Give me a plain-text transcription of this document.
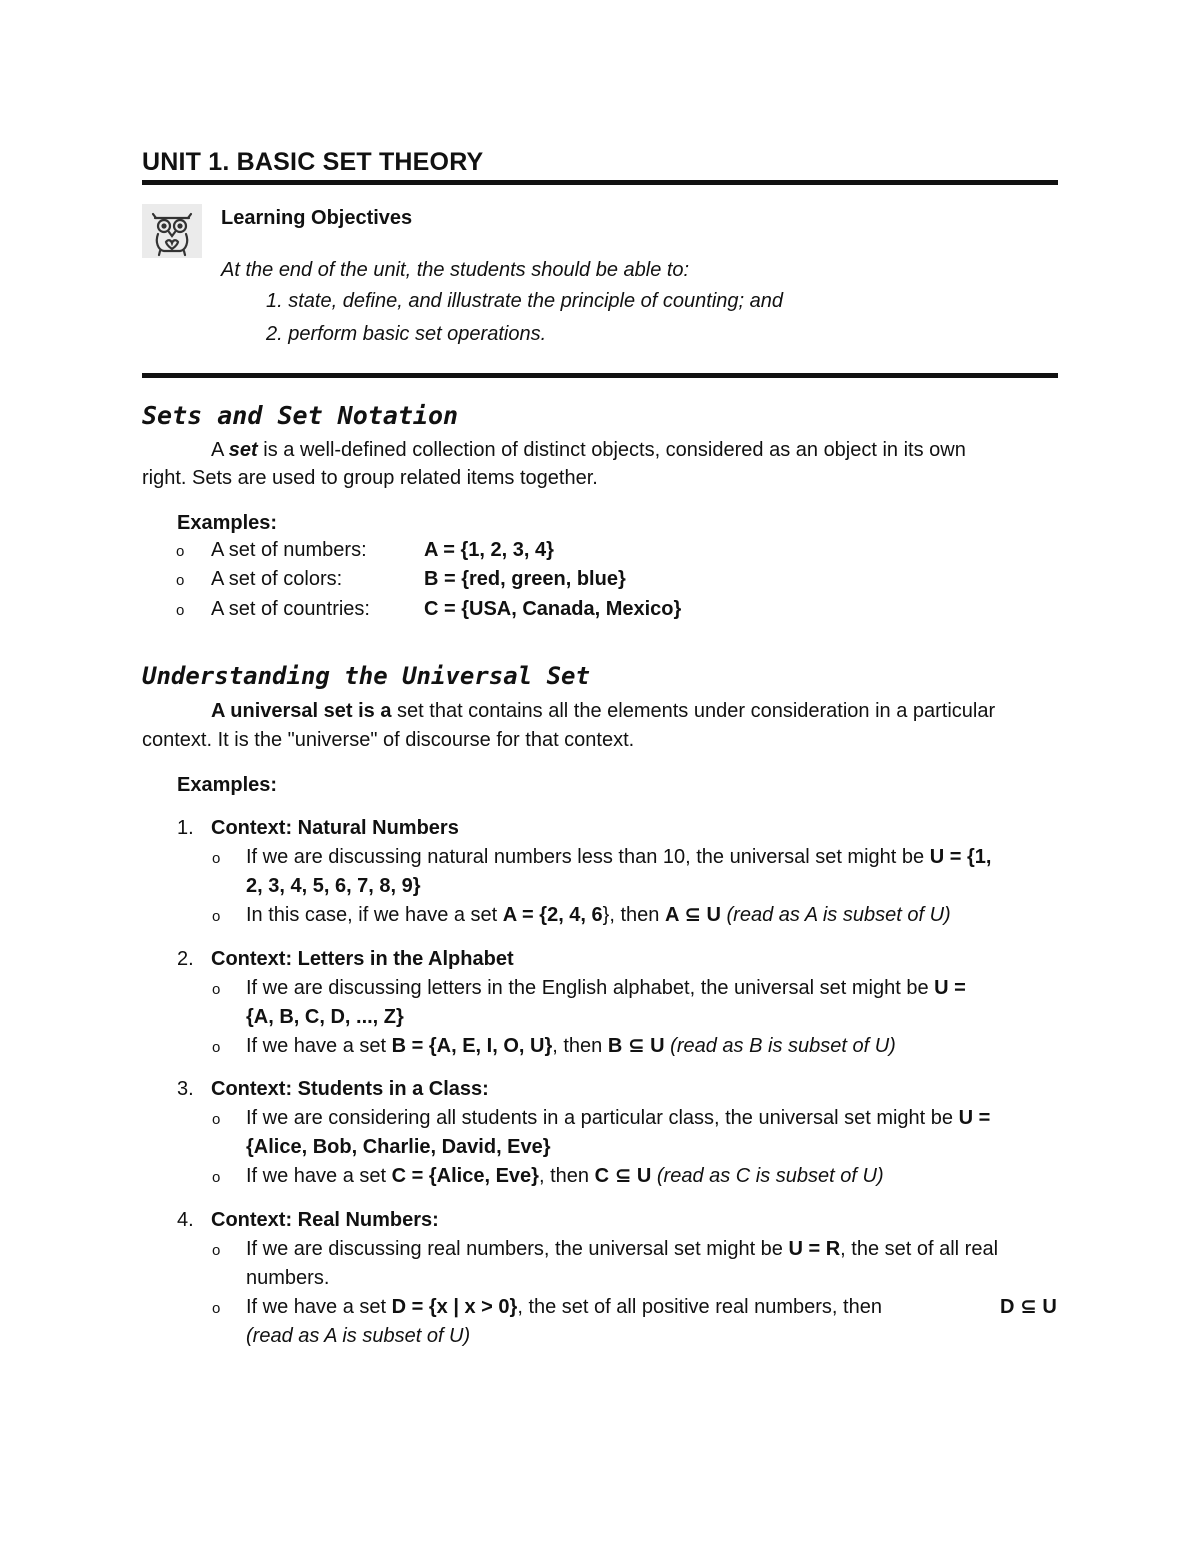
UNIT 1. BASIC SET THEORY
Learning Objectives
At the end of the unit, the students should be able to:
1. state, define, and illustrate the principle of counting; and
2. perform basic set operations.
Sets and Set Notation
A set is a well-defined collection of distinct objects, considered as an object in its own
right. Sets are used to group related items together.
Examples:
o A set of numbers:	A = {1, 2, 3, 4}
o A set of colors:	B = {red, green, blue}
o A set of countries:	C = {USA, Canada, Mexico}
Understanding the Universal Set
A universal set is a set that contains all the elements under consideration in a particular
context. It is the "universe" of discourse for that context.
Examples:
1. Context: Natural Numbers
o If we are discussing natural numbers less than 10, the universal set might be U = {1,
2, 3, 4, 5, 6, 7, 8, 9}
o In this case, if we have a set A = {2, 4, 6}, then A ⊆ U (read as A is subset of U)
2. Context: Letters in the Alphabet
o If we are discussing letters in the English alphabet, the universal set might be U =
{A, B, C, D, ..., Z}
o If we have a set B = {A, E, I, O, U}, then B ⊆ U (read as B is subset of U)
3. Context: Students in a Class:
o If we are considering all students in a particular class, the universal set might be U =
{Alice, Bob, Charlie, David, Eve}
o If we have a set C = {Alice, Eve}, then C ⊆ U (read as C is subset of U)
4. Context: Real Numbers:
o If we are discussing real numbers, the universal set might be U = R, the set of all real
numbers.
o If we have a set D = {x | x > 0}, the set of all positive real numbers, then	D ⊆ U
(read as A is subset of U)
